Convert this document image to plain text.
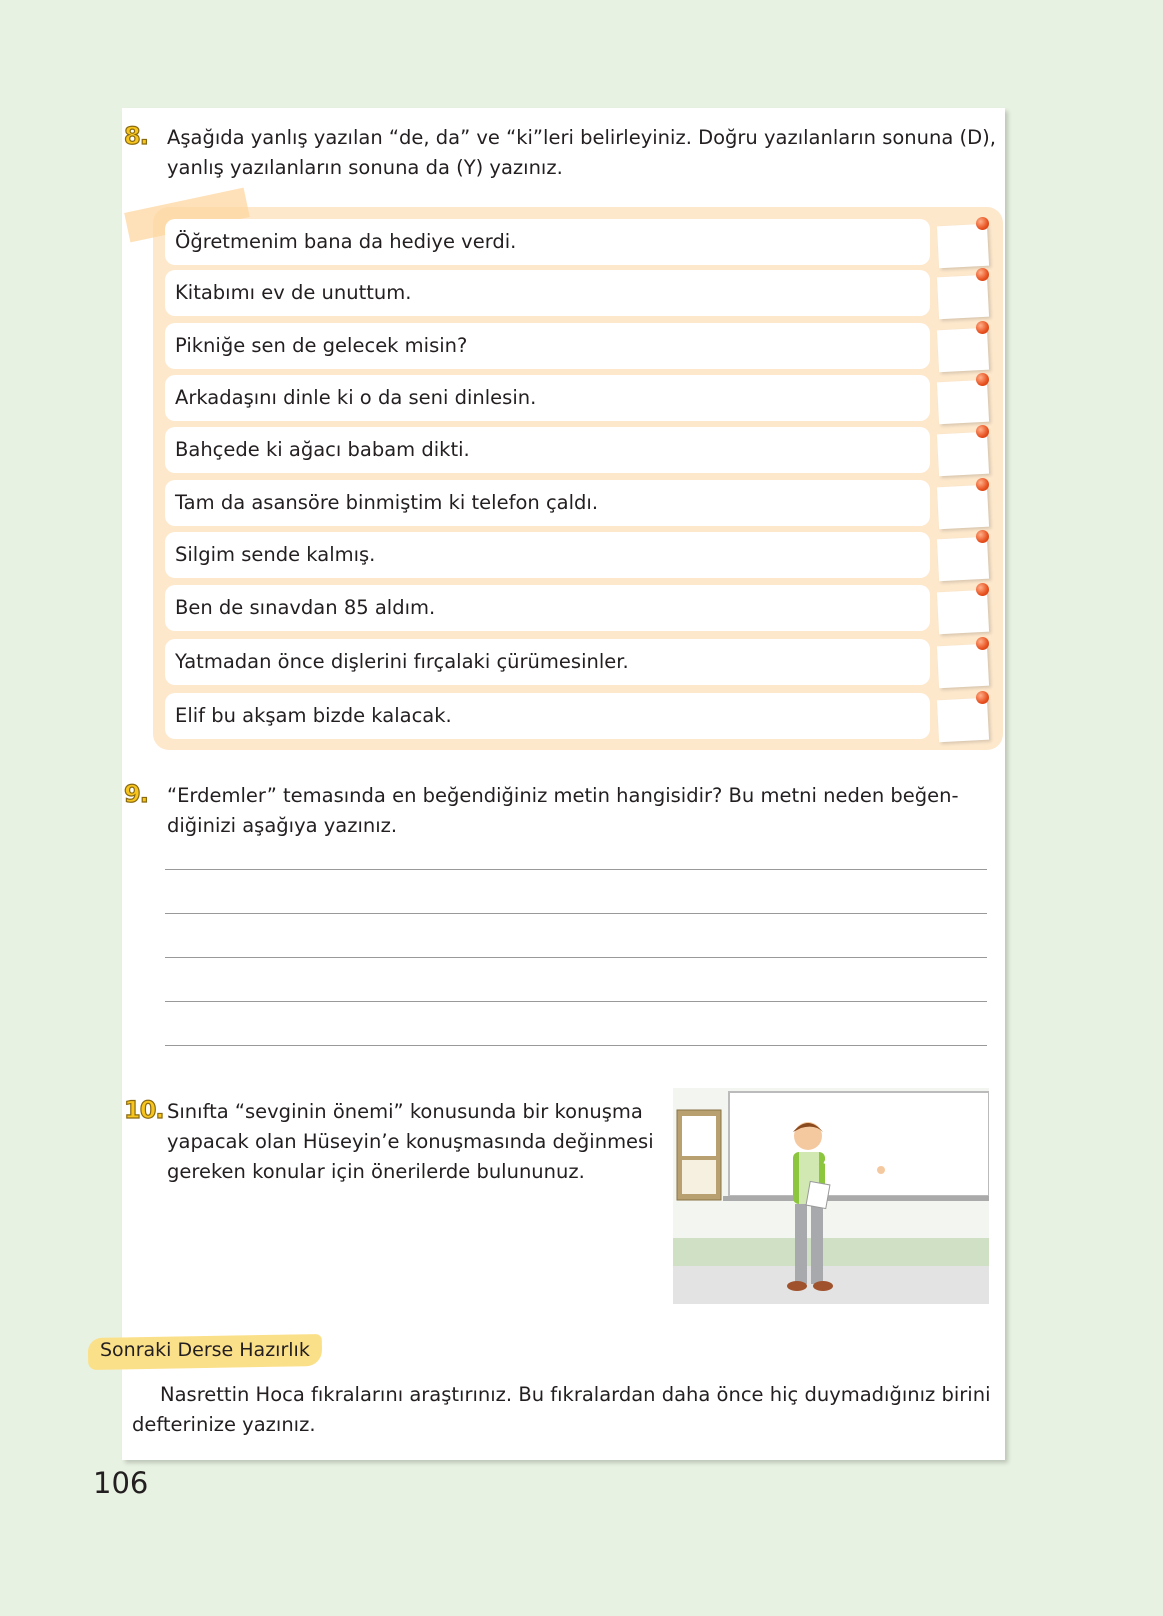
8. Aşağıda yanlış yazılan “de, da” ve “ki”leri belirleyiniz. Doğru yazılanların sonuna (D),
yanlış yazılanların sonuna da (Y) yazınız.
Öğretmenim bana da hediye verdi.
Kitabımı ev de unuttum.
Pikniğe sen de gelecek misin?
Arkadaşını dinle ki o da seni dinlesin.
Bahçede ki ağacı babam dikti.
Tam da asansöre binmiştim ki telefon çaldı.
Silgim sende kalmış.
Ben de sınavdan 85 aldım.
Yatmadan önce dişlerini fırçalaki çürümesinler.
Elif bu akşam bizde kalacak.
9. “Erdemler” temasında en beğendiğiniz metin hangisidir? Bu metni neden beğen-
diğinizi aşağıya yazınız.
10. Sınıfta “sevginin önemi” konusunda bir konuşma
yapacak olan Hüseyin’e konuşmasında değinmesi
gereken konular için önerilerde bulununuz.
Sonraki Derse Hazırlık
Nasrettin Hoca fıkralarını araştırınız. Bu fıkralardan daha önce hiç duymadığınız birini
defterinize yazınız.
106
